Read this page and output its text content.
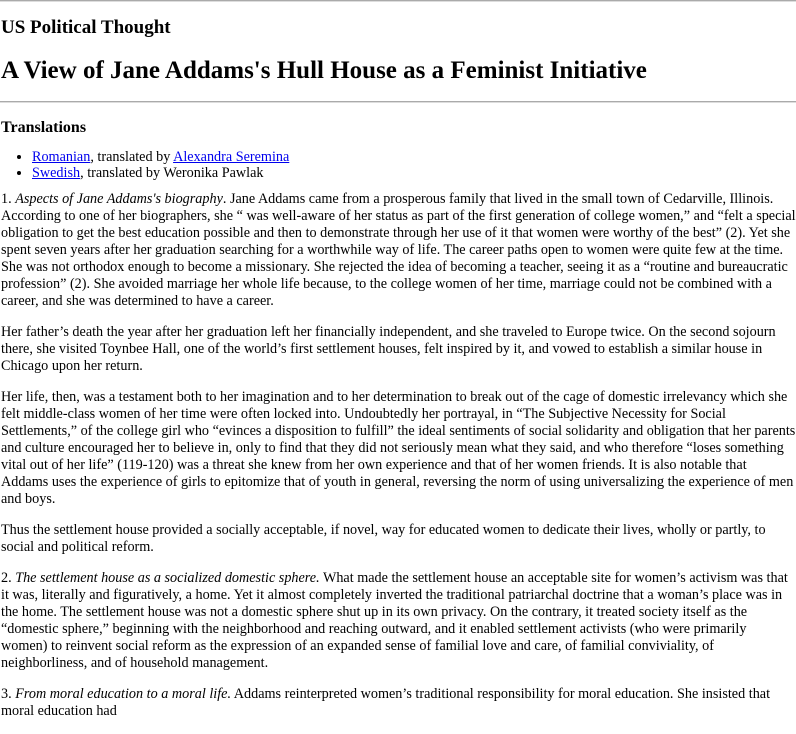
US Political Thought
A View of Jane Addams's Hull House as a Feminist Initiative
Translations
• Romanian, translated by Alexandra Seremina
• Swedish, translated by Weronika Pawlak

1. Aspects of Jane Addams's biography. Jane Addams came from a prosperous family that lived in the small town of Cedarville, Illinois. According to one of her biographers, she “ was well-aware of her status as part of the first generation of college women,” and “felt a special obligation to get the best education possible and then to demonstrate through her use of it that women were worthy of the best” (2). Yet she spent seven years after her graduation searching for a worthwhile way of life. The career paths open to women were quite few at the time. She was not orthodox enough to become a missionary. She rejected the idea of becoming a teacher, seeing it as a “routine and bureaucratic profession” (2). She avoided marriage her whole life because, to the college women of her time, marriage could not be combined with a career, and she was determined to have a career.

Her father’s death the year after her graduation left her financially independent, and she traveled to Europe twice. On the second sojourn there, she visited Toynbee Hall, one of the world’s first settlement houses, felt inspired by it, and vowed to establish a similar house in Chicago upon her return.

Her life, then, was a testament both to her imagination and to her determination to break out of the cage of domestic irrelevancy which she felt middle-class women of her time were often locked into. Undoubtedly her portrayal, in “The Subjective Necessity for Social Settlements,” of the college girl who “evinces a disposition to fulfill” the ideal sentiments of social solidarity and obligation that her parents and culture encouraged her to believe in, only to find that they did not seriously mean what they said, and who therefore “loses something vital out of her life” (119-120) was a threat she knew from her own experience and that of her women friends. It is also notable that Addams uses the experience of girls to epitomize that of youth in general, reversing the norm of using universalizing the experience of men and boys.

Thus the settlement house provided a socially acceptable, if novel, way for educated women to dedicate their lives, wholly or partly, to social and political reform.

2. The settlement house as a socialized domestic sphere. What made the settlement house an acceptable site for women’s activism was that it was, literally and figuratively, a home. Yet it almost completely inverted the traditional patriarchal doctrine that a woman’s place was in the home. The settlement house was not a domestic sphere shut up in its own privacy. On the contrary, it treated society itself as the “domestic sphere,” beginning with the neighborhood and reaching outward, and it enabled settlement activists (who were primarily women) to reinvent social reform as the expression of an expanded sense of familial love and care, of familial conviviality, of neighborliness, and of household management.

3. From moral education to a moral life. Addams reinterpreted women’s traditional responsibility for moral education. She insisted that moral education had
